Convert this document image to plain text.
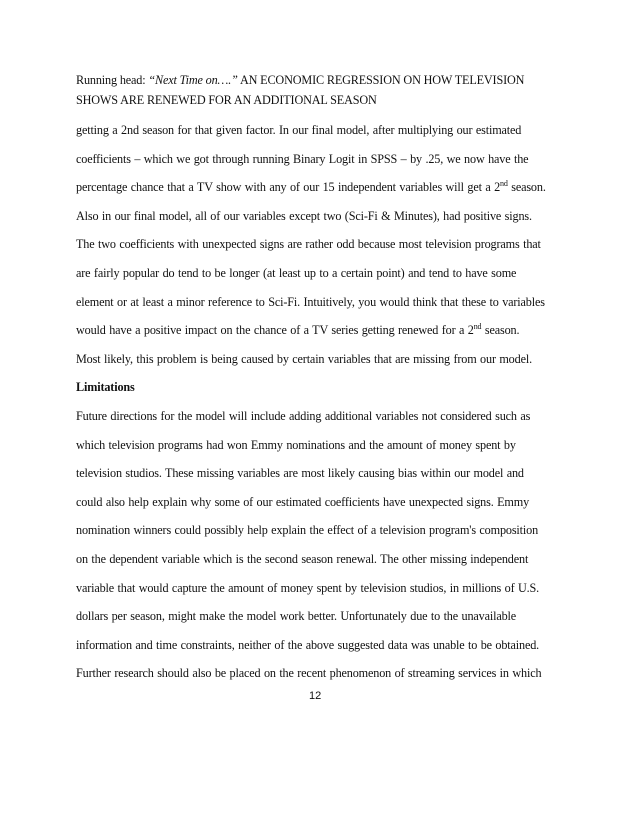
Running head: “Next Time on….” AN ECONOMIC REGRESSION ON HOW TELEVISION
SHOWS ARE RENEWED FOR AN ADDITIONAL SEASON
getting a 2nd season for that given factor. In our final model, after multiplying our estimated
coefficients – which we got through running Binary Logit in SPSS – by .25, we now have the
percentage chance that a TV show with any of our 15 independent variables will get a 2nd season.
Also in our final model, all of our variables except two (Sci-Fi & Minutes), had positive signs.
The two coefficients with unexpected signs are rather odd because most television programs that
are fairly popular do tend to be longer (at least up to a certain point) and tend to have some
element or at least a minor reference to Sci-Fi. Intuitively, you would think that these to variables
would have a positive impact on the chance of a TV series getting renewed for a 2nd season.
Most likely, this problem is being caused by certain variables that are missing from our model.
Limitations
Future directions for the model will include adding additional variables not considered such as
which television programs had won Emmy nominations and the amount of money spent by
television studios. These missing variables are most likely causing bias within our model and
could also help explain why some of our estimated coefficients have unexpected signs. Emmy
nomination winners could possibly help explain the effect of a television program's composition
on the dependent variable which is the second season renewal. The other missing independent
variable that would capture the amount of money spent by television studios, in millions of U.S.
dollars per season, might make the model work better. Unfortunately due to the unavailable
information and time constraints, neither of the above suggested data was unable to be obtained.
Further research should also be placed on the recent phenomenon of streaming services in which
12
